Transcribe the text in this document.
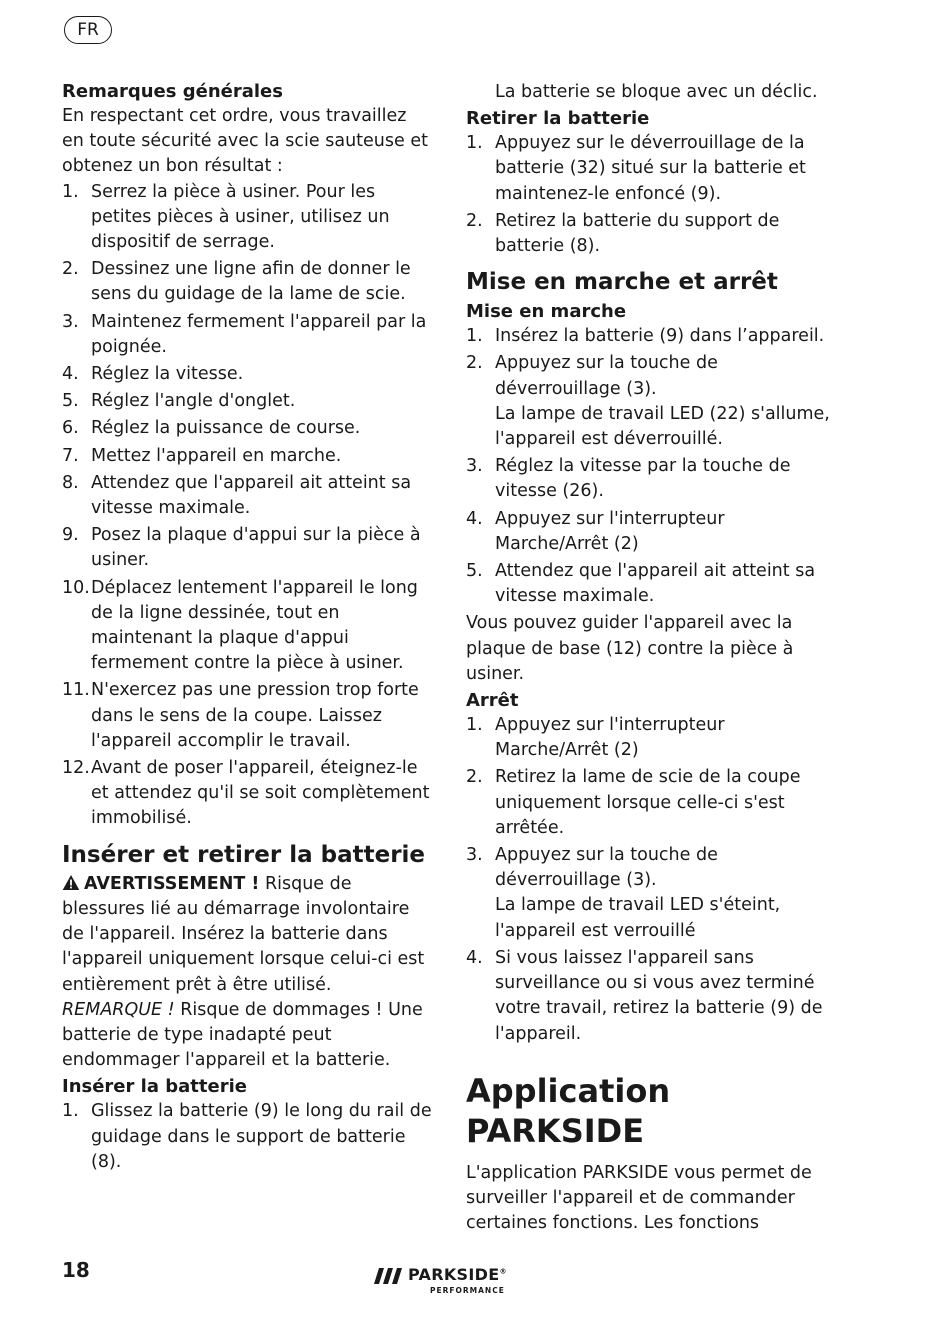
FR
Remarques générales

En respectant cet ordre, vous travaillez en toute sécurité avec la scie sauteuse et obtenez un bon résultat :

1. Serrez la pièce à usiner. Pour les petites pièces à usiner, utilisez un dispositif de serrage.
2. Dessinez une ligne afin de donner le sens du guidage de la lame de scie.
3. Maintenez fermement l'appareil par la poignée.
4. Réglez la vitesse.
5. Réglez l'angle d'onglet.
6. Réglez la puissance de course.
7. Mettez l'appareil en marche.
8. Attendez que l'appareil ait atteint sa vitesse maximale.
9. Posez la plaque d'appui sur la pièce à usiner.
10. Déplacez lentement l'appareil le long de la ligne dessinée, tout en maintenant la plaque d'appui fermement contre la pièce à usiner.
11. N'exercez pas une pression trop forte dans le sens de la coupe. Laissez l'appareil accomplir le travail.
12. Avant de poser l'appareil, éteignez-le et attendez qu'il se soit complètement immobilisé.
Insérer et retirer la batterie

AVERTISSEMENT ! Risque de blessures lié au démarrage involontaire de l'appareil. Insérez la batterie dans l'appareil uniquement lorsque celui-ci est entièrement prêt à être utilisé.

REMARQUE ! Risque de dommages ! Une batterie de type inadapté peut endommager l'appareil et la batterie.

Insérer la batterie
1. Glissez la batterie (9) le long du rail de guidage dans le support de batterie (8).
La batterie se bloque avec un déclic.
Retirer la batterie
1. Appuyez sur le déverrouillage de la batterie (32) situé sur la batterie et maintenez-le enfoncé (9).
2. Retirez la batterie du support de batterie (8).
Mise en marche et arrêt
Mise en marche
1. Insérez la batterie (9) dans l’appareil.
2. Appuyez sur la touche de déverrouillage (3).
La lampe de travail LED (22) s'allume, l'appareil est déverrouillé.
3. Réglez la vitesse par la touche de vitesse (26).
4. Appuyez sur l'interrupteur Marche/Arrêt (2)
5. Attendez que l'appareil ait atteint sa vitesse maximale.

Vous pouvez guider l'appareil avec la plaque de base (12) contre la pièce à usiner.

Arrêt
1. Appuyez sur l'interrupteur Marche/Arrêt (2)
2. Retirez la lame de scie de la coupe uniquement lorsque celle-ci s'est arrêtée.
3. Appuyez sur la touche de déverrouillage (3).
La lampe de travail LED s'éteint, l'appareil est verrouillé
4. Si vous laissez l'appareil sans surveillance ou si vous avez terminé votre travail, retirez la batterie (9) de l'appareil.
Application PARKSIDE

L'application PARKSIDE vous permet de surveiller l'appareil et de commander certaines fonctions. Les fonctions

18	PARKSIDE®
PERFORMANCE
